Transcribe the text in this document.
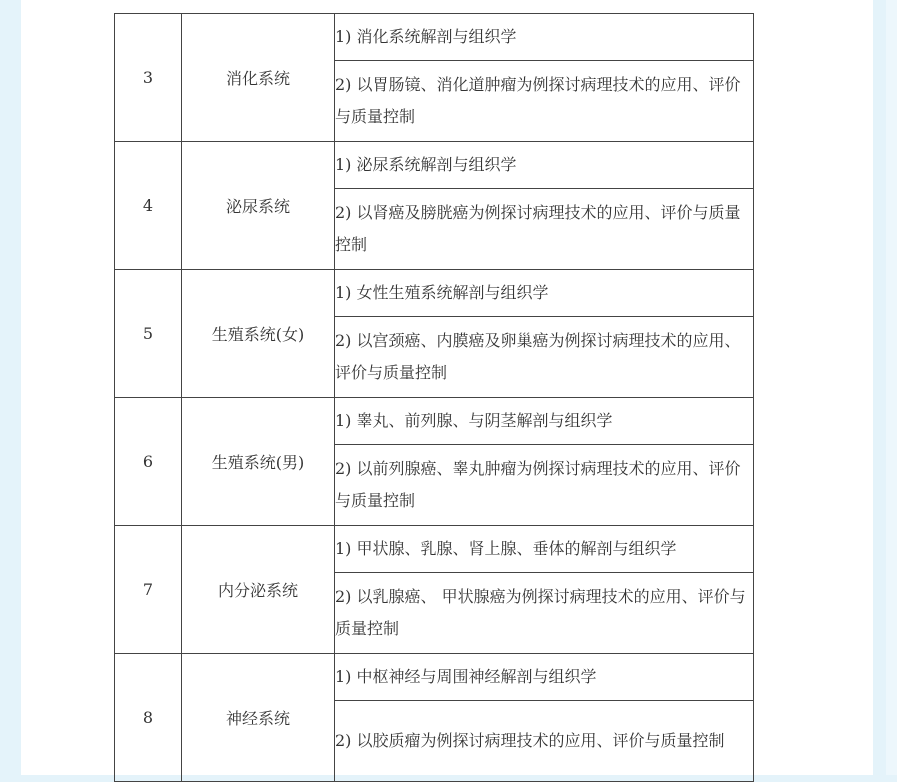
3	消化系统	1) 消化系统解剖与组织学
		2) 以胃肠镜、消化道肿瘤为例探讨病理技术的应用、评价与质量控制
4	泌尿系统	1) 泌尿系统解剖与组织学
		2) 以肾癌及膀胱癌为例探讨病理技术的应用、评价与质量控制
5	生殖系统(女)	1) 女性生殖系统解剖与组织学
		2) 以宫颈癌、内膜癌及卵巢癌为例探讨病理技术的应用、评价与质量控制
6	生殖系统(男)	1) 睾丸、前列腺、与阴茎解剖与组织学
		2) 以前列腺癌、睾丸肿瘤为例探讨病理技术的应用、评价与质量控制
7	内分泌系统	1) 甲状腺、乳腺、肾上腺、垂体的解剖与组织学
		2) 以乳腺癌、 甲状腺癌为例探讨病理技术的应用、评价与质量控制
8	神经系统	1) 中枢神经与周围神经解剖与组织学
		2) 以胶质瘤为例探讨病理技术的应用、评价与质量控制
